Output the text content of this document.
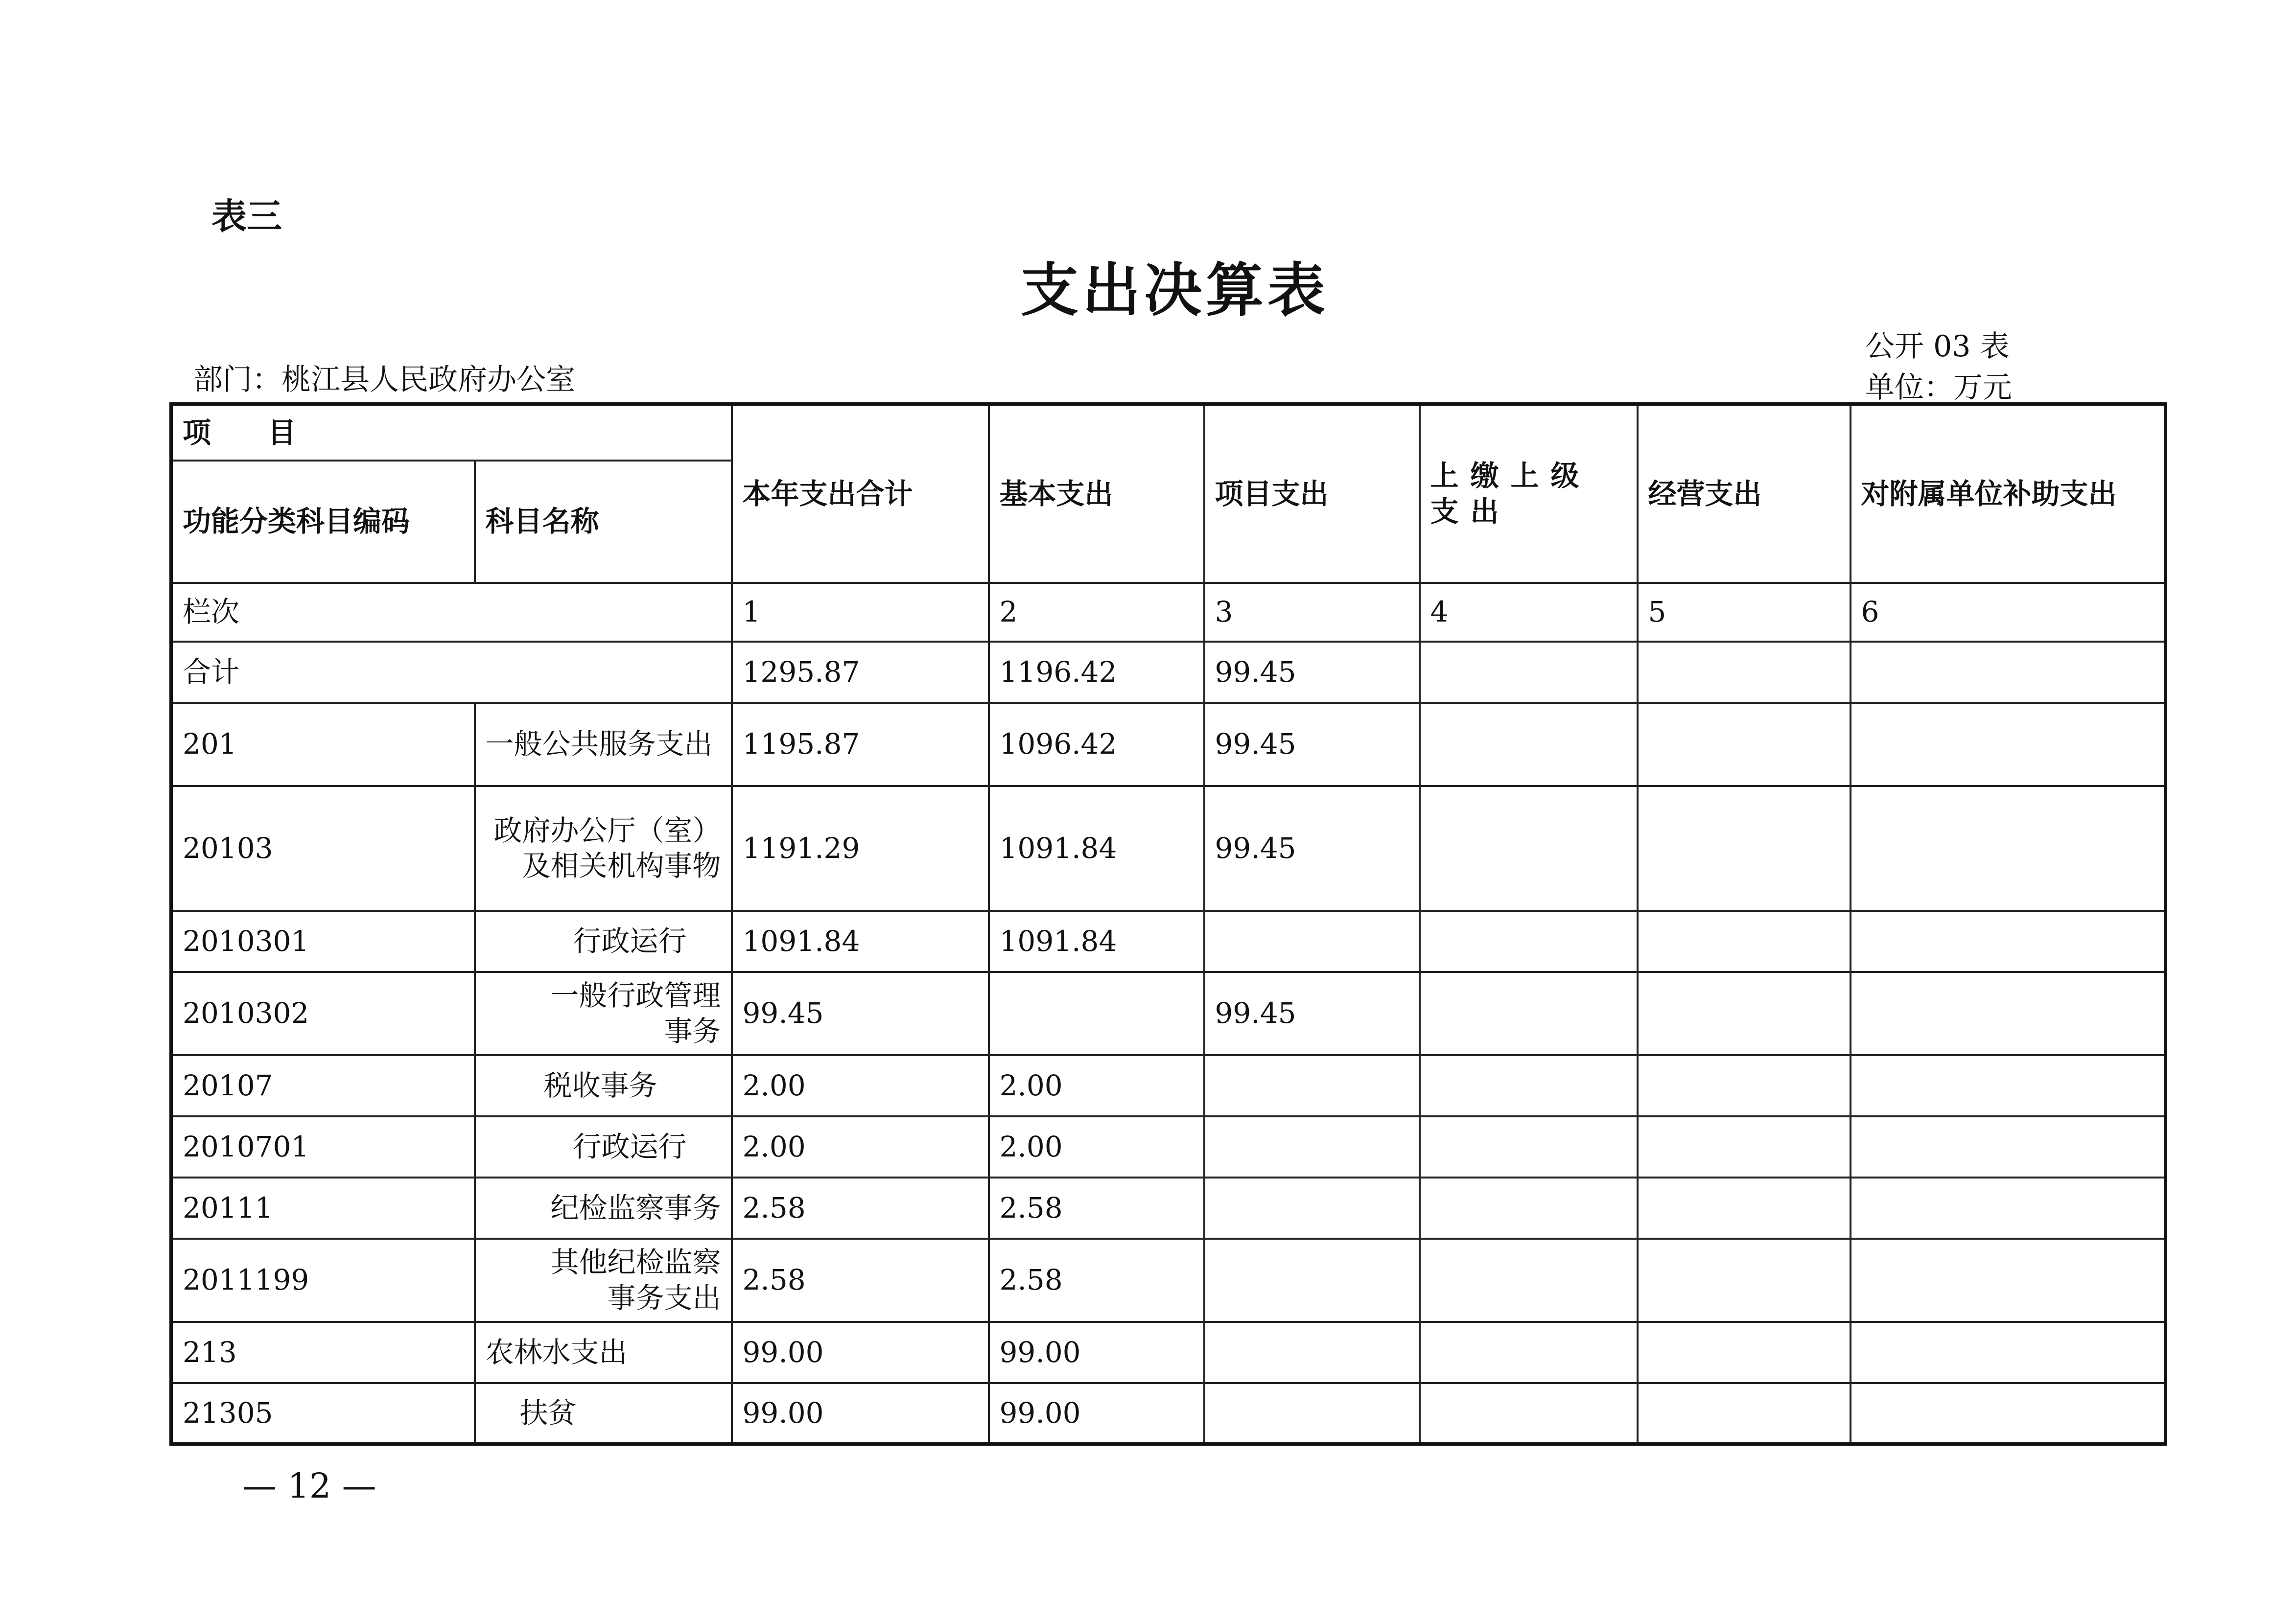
表三
支出决算表
部门：桃江县人民政府办公室
公开 03 表
单位：万元
项　　目		本年支出合计	基本支出	项目支出	上缴上级支出	经营支出	对附属单位补助支出
功能分类科目编码	科目名称						
栏次		1	2	3	4	5	6
合计		1295.87	1196.42	99.45			
201	一般公共服务支出	1195.87	1096.42	99.45			
20103	政府办公厅（室）及相关机构事物	1191.29	1091.84	99.45			
2010301	行政运行	1091.84	1091.84				
2010302	一般行政管理事务	99.45		99.45			
20107	税收事务	2.00	2.00				
2010701	行政运行	2.00	2.00				
20111	纪检监察事务	2.58	2.58				
2011199	其他纪检监察事务支出	2.58	2.58				
213	农林水支出	99.00	99.00				
21305	扶贫	99.00	99.00				
— 12 —
